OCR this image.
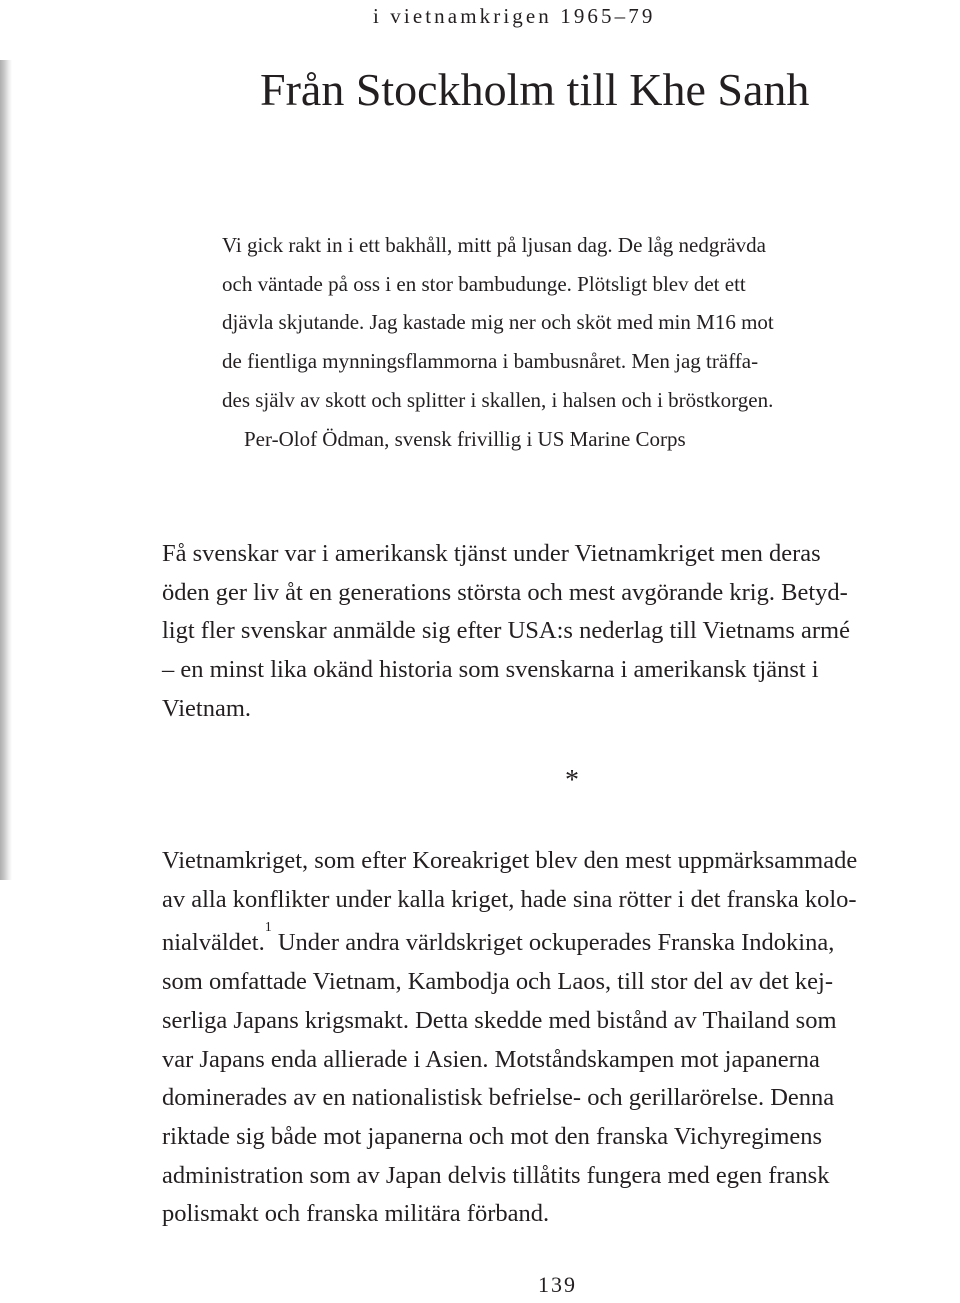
i vietnamkrigen 1965–79
Från Stockholm till Khe Sanh
Vi gick rakt in i ett bakhåll, mitt på ljusan dag. De låg nedgrävda
och väntade på oss i en stor bambudunge. Plötsligt blev det ett
djävla skjutande. Jag kastade mig ner och sköt med min M16 mot
de fientliga mynningsflammorna i bambusnåret. Men jag träffa-
des själv av skott och splitter i skallen, i halsen och i bröstkorgen.
Per-Olof Ödman, svensk frivillig i US Marine Corps
Få svenskar var i amerikansk tjänst under Vietnamkriget men deras
öden ger liv åt en generations största och mest avgörande krig. Betyd-
ligt fler svenskar anmälde sig efter USA:s nederlag till Vietnams armé
– en minst lika okänd historia som svenskarna i amerikansk tjänst i
Vietnam.
*
Vietnamkriget, som efter Koreakriget blev den mest uppmärksammade
av alla konflikter under kalla kriget, hade sina rötter i det franska kolo-
nialväldet.$^1$ Under andra världskriget ockuperades Franska Indokina,
som omfattade Vietnam, Kambodja och Laos, till stor del av det kej-
serliga Japans krigsmakt. Detta skedde med bistånd av Thailand som
var Japans enda allierade i Asien. Motståndskampen mot japanerna
dominerades av en nationalistisk befrielse- och gerillarörelse. Denna
riktade sig både mot japanerna och mot den franska Vichyregimens
administration som av Japan delvis tillåtits fungera med egen fransk
polismakt och franska militära förband.
139
